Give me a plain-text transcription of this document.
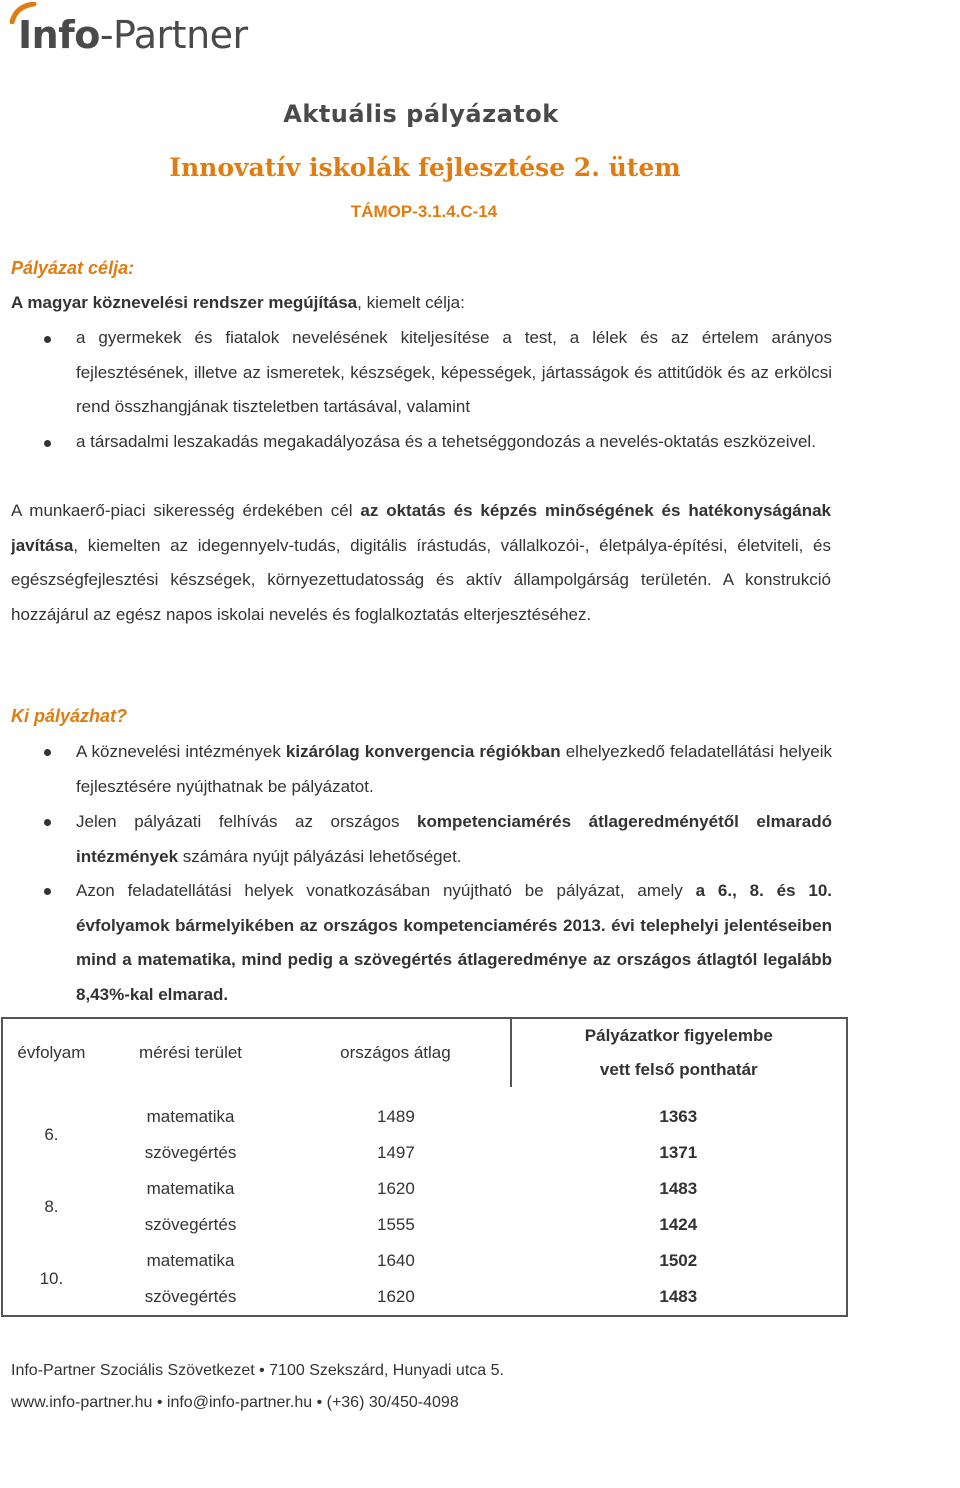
Info-Partner
Aktuális pályázatok
Innovatív iskolák fejlesztése 2. ütem
TÁMOP-3.1.4.C-14
Pályázat célja:
A magyar köznevelési rendszer megújítása, kiemelt célja:
a gyermekek és fiatalok nevelésének kiteljesítése a test, a lélek és az értelem arányos fejlesztésének, illetve az ismeretek, készségek, képességek, jártasságok és attitűdök és az erkölcsi rend összhangjának tiszteletben tartásával, valamint
a társadalmi leszakadás megakadályozása és a tehetséggondozás a nevelés-oktatás eszközeivel.
A munkaerő-piaci sikeresség érdekében cél az oktatás és képzés minőségének és hatékonyságának javítása, kiemelten az idegennyelv-tudás, digitális írástudás, vállalkozói-, életpálya-építési, életviteli, és egészségfejlesztési készségek, környezettudatosság és aktív állampolgárság területén. A konstrukció hozzájárul az egész napos iskolai nevelés és foglalkoztatás elterjesztéséhez.
Ki pályázhat?
A köznevelési intézmények kizárólag konvergencia régiókban elhelyezkedő feladatellátási helyeik fejlesztésére nyújthatnak be pályázatot.
Jelen pályázati felhívás az országos kompetenciamérés átlageredményétől elmaradó intézmények számára nyújt pályázási lehetőséget.
Azon feladatellátási helyek vonatkozásában nyújtható be pályázat, amely a 6., 8. és 10. évfolyamok bármelyikében az országos kompetenciamérés 2013. évi telephelyi jelentéseiben mind a matematika, mind pedig a szövegértés átlageredménye az országos átlagtól legalább 8,43%-kal elmarad.
évfolyam	mérési terület	országos átlag	Pályázatkor figyelembe
vett felső ponthatár

6.	matematika	1489	1363
	szövegértés	1497	1371
8.	matematika	1620	1483
	szövegértés	1555	1424
10.	matematika	1640	1502
	szövegértés	1620	1483
Info-Partner Szociális Szövetkezet • 7100 Szekszárd, Hunyadi utca 5.
www.info-partner.hu • info@info-partner.hu • (+36) 30/450-4098
